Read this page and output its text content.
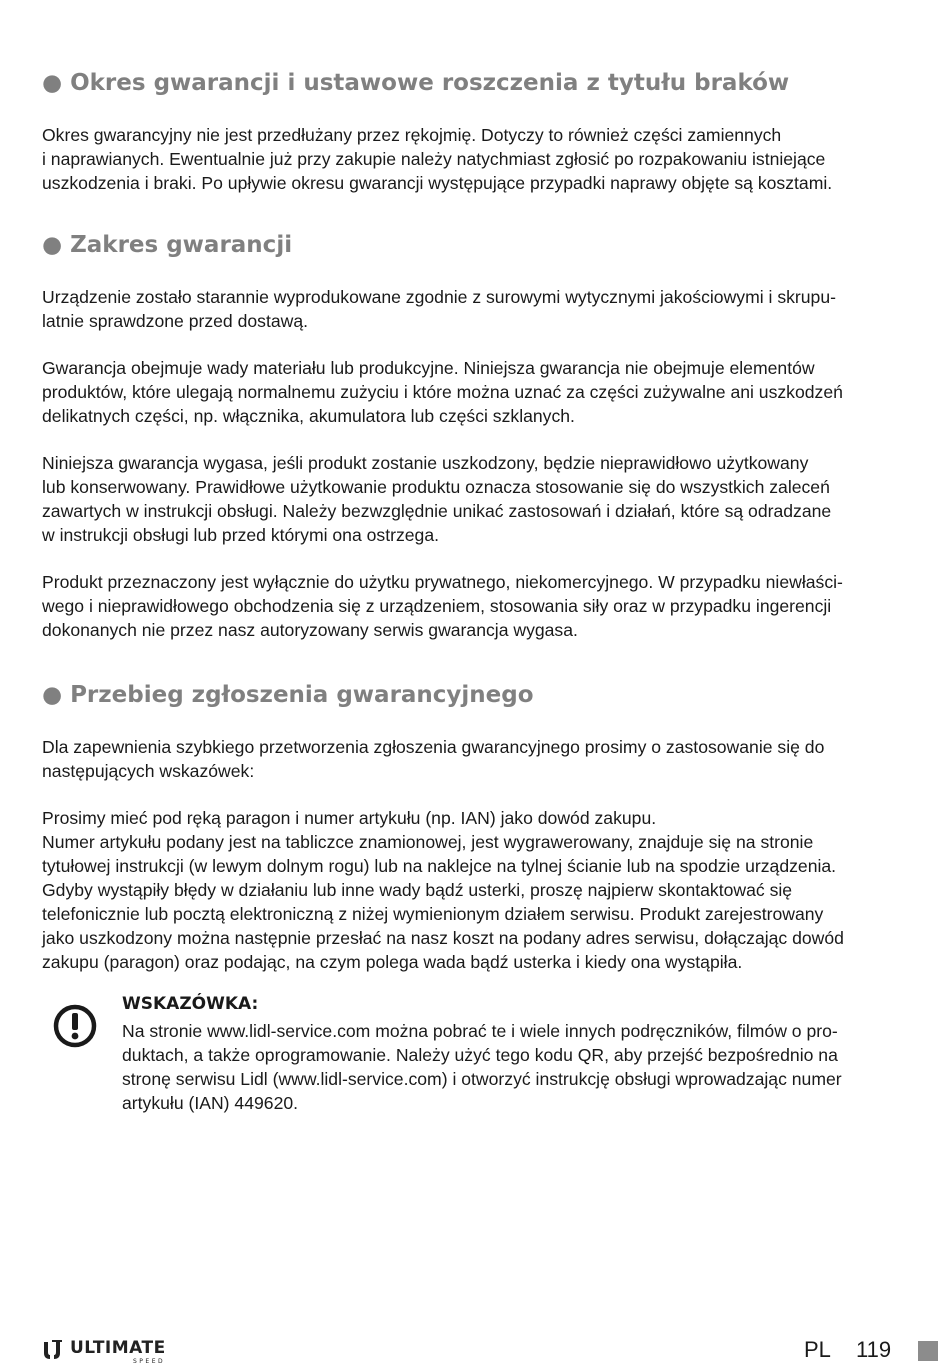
● Okres gwarancji i ustawowe roszczenia z tytułu braków

Okres gwarancyjny nie jest przedłużany przez rękojmię. Dotyczy to również części zamiennych
i naprawianych. Ewentualnie już przy zakupie należy natychmiast zgłosić po rozpakowaniu istniejące
uszkodzenia i braki. Po upływie okresu gwarancji występujące przypadki naprawy objęte są kosztami.

● Zakres gwarancji

Urządzenie zostało starannie wyprodukowane zgodnie z surowymi wytycznymi jakościowymi i skrupu-
latnie sprawdzone przed dostawą.

Gwarancja obejmuje wady materiału lub produkcyjne. Niniejsza gwarancja nie obejmuje elementów
produktów, które ulegają normalnemu zużyciu i które można uznać za części zużywalne ani uszkodzeń
delikatnych części, np. włącznika, akumulatora lub części szklanych.

Niniejsza gwarancja wygasa, jeśli produkt zostanie uszkodzony, będzie nieprawidłowo użytkowany
lub konserwowany. Prawidłowe użytkowanie produktu oznacza stosowanie się do wszystkich zaleceń
zawartych w instrukcji obsługi. Należy bezwzględnie unikać zastosowań i działań, które są odradzane
w instrukcji obsługi lub przed którymi ona ostrzega.

Produkt przeznaczony jest wyłącznie do użytku prywatnego, niekomercyjnego. W przypadku niewłaści-
wego i nieprawidłowego obchodzenia się z urządzeniem, stosowania siły oraz w przypadku ingerencji
dokonanych nie przez nasz autoryzowany serwis gwarancja wygasa.

● Przebieg zgłoszenia gwarancyjnego

Dla zapewnienia szybkiego przetworzenia zgłoszenia gwarancyjnego prosimy o zastosowanie się do
następujących wskazówek:

Prosimy mieć pod ręką paragon i numer artykułu (np. IAN) jako dowód zakupu.
Numer artykułu podany jest na tabliczce znamionowej, jest wygrawerowany, znajduje się na stronie
tytułowej instrukcji (w lewym dolnym rogu) lub na naklejce na tylnej ścianie lub na spodzie urządzenia.
Gdyby wystąpiły błędy w działaniu lub inne wady bądź usterki, proszę najpierw skontaktować się
telefonicznie lub pocztą elektroniczną z niżej wymienionym działem serwisu. Produkt zarejestrowany
jako uszkodzony można następnie przesłać na nasz koszt na podany adres serwisu, dołączając dowód
zakupu (paragon) oraz podając, na czym polega wada bądź usterka i kiedy ona wystąpiła.

WSKAZÓWKA:

Na stronie www.lidl-service.com można pobrać te i wiele innych podręczników, filmów o pro-
duktach, a także oprogramowanie. Należy użyć tego kodu QR, aby przejść bezpośrednio na
stronę serwisu Lidl (www.lidl-service.com) i otworzyć instrukcję obsługi wprowadzając numer
artykułu (IAN) 449620.

ULTIMATE
SPEED	PL 119
